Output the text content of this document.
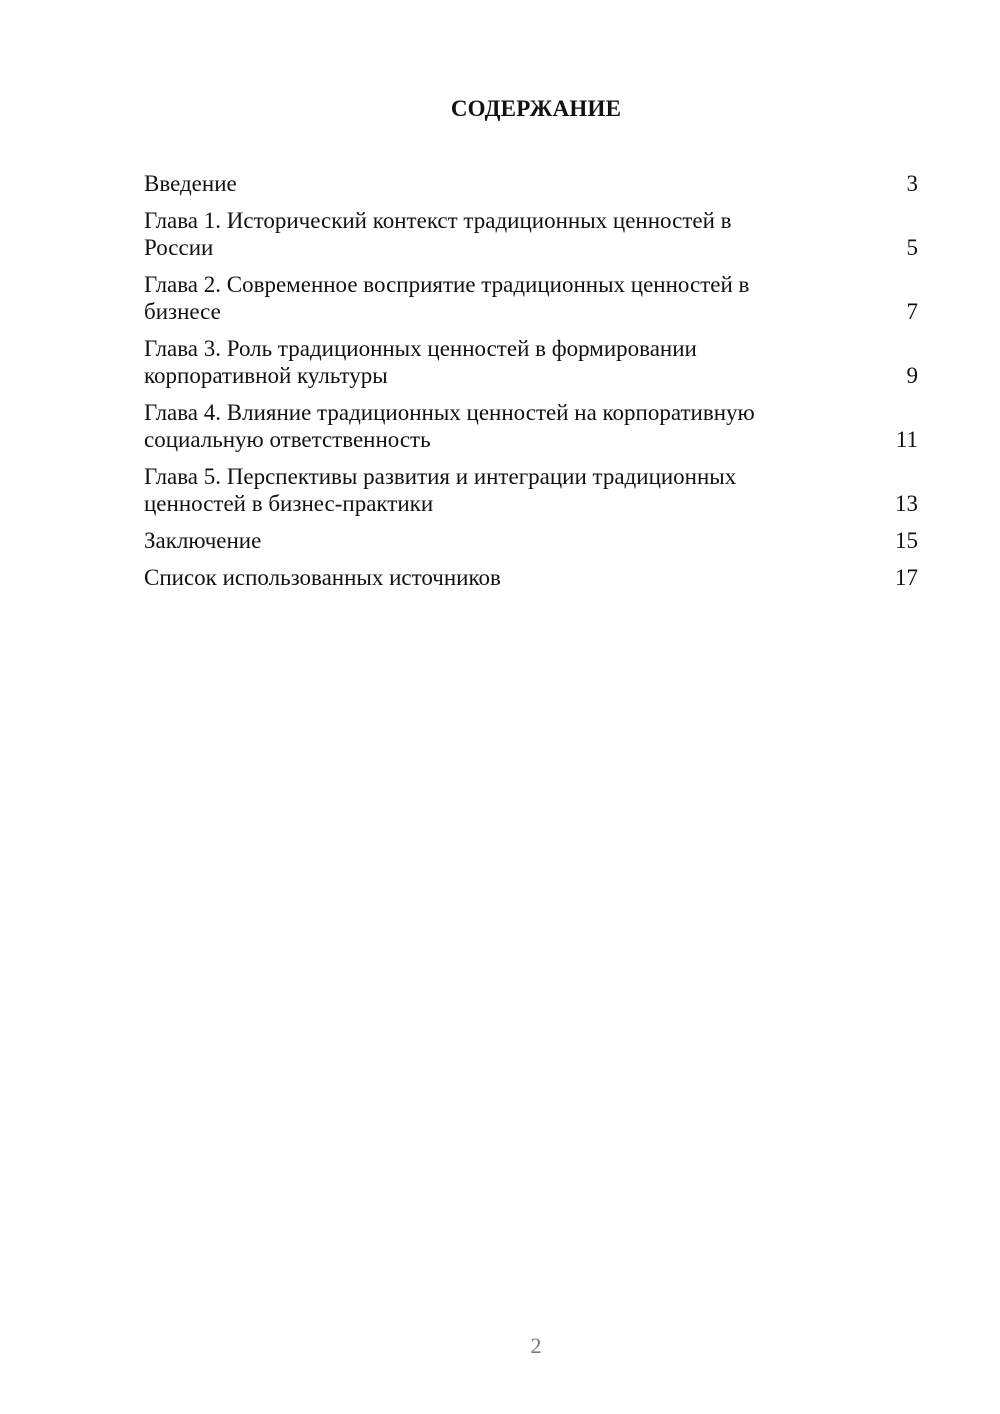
СОДЕРЖАНИЕ
Введение	3
Глава 1. Исторический контекст традиционных ценностей в
России	5
Глава 2. Современное восприятие традиционных ценностей в
бизнесе	7
Глава 3. Роль традиционных ценностей в формировании
корпоративной культуры	9
Глава 4. Влияние традиционных ценностей на корпоративную
социальную ответственность	11
Глава 5. Перспективы развития и интеграции традиционных
ценностей в бизнес-практики	13
Заключение	15
Список использованных источников	17
2
